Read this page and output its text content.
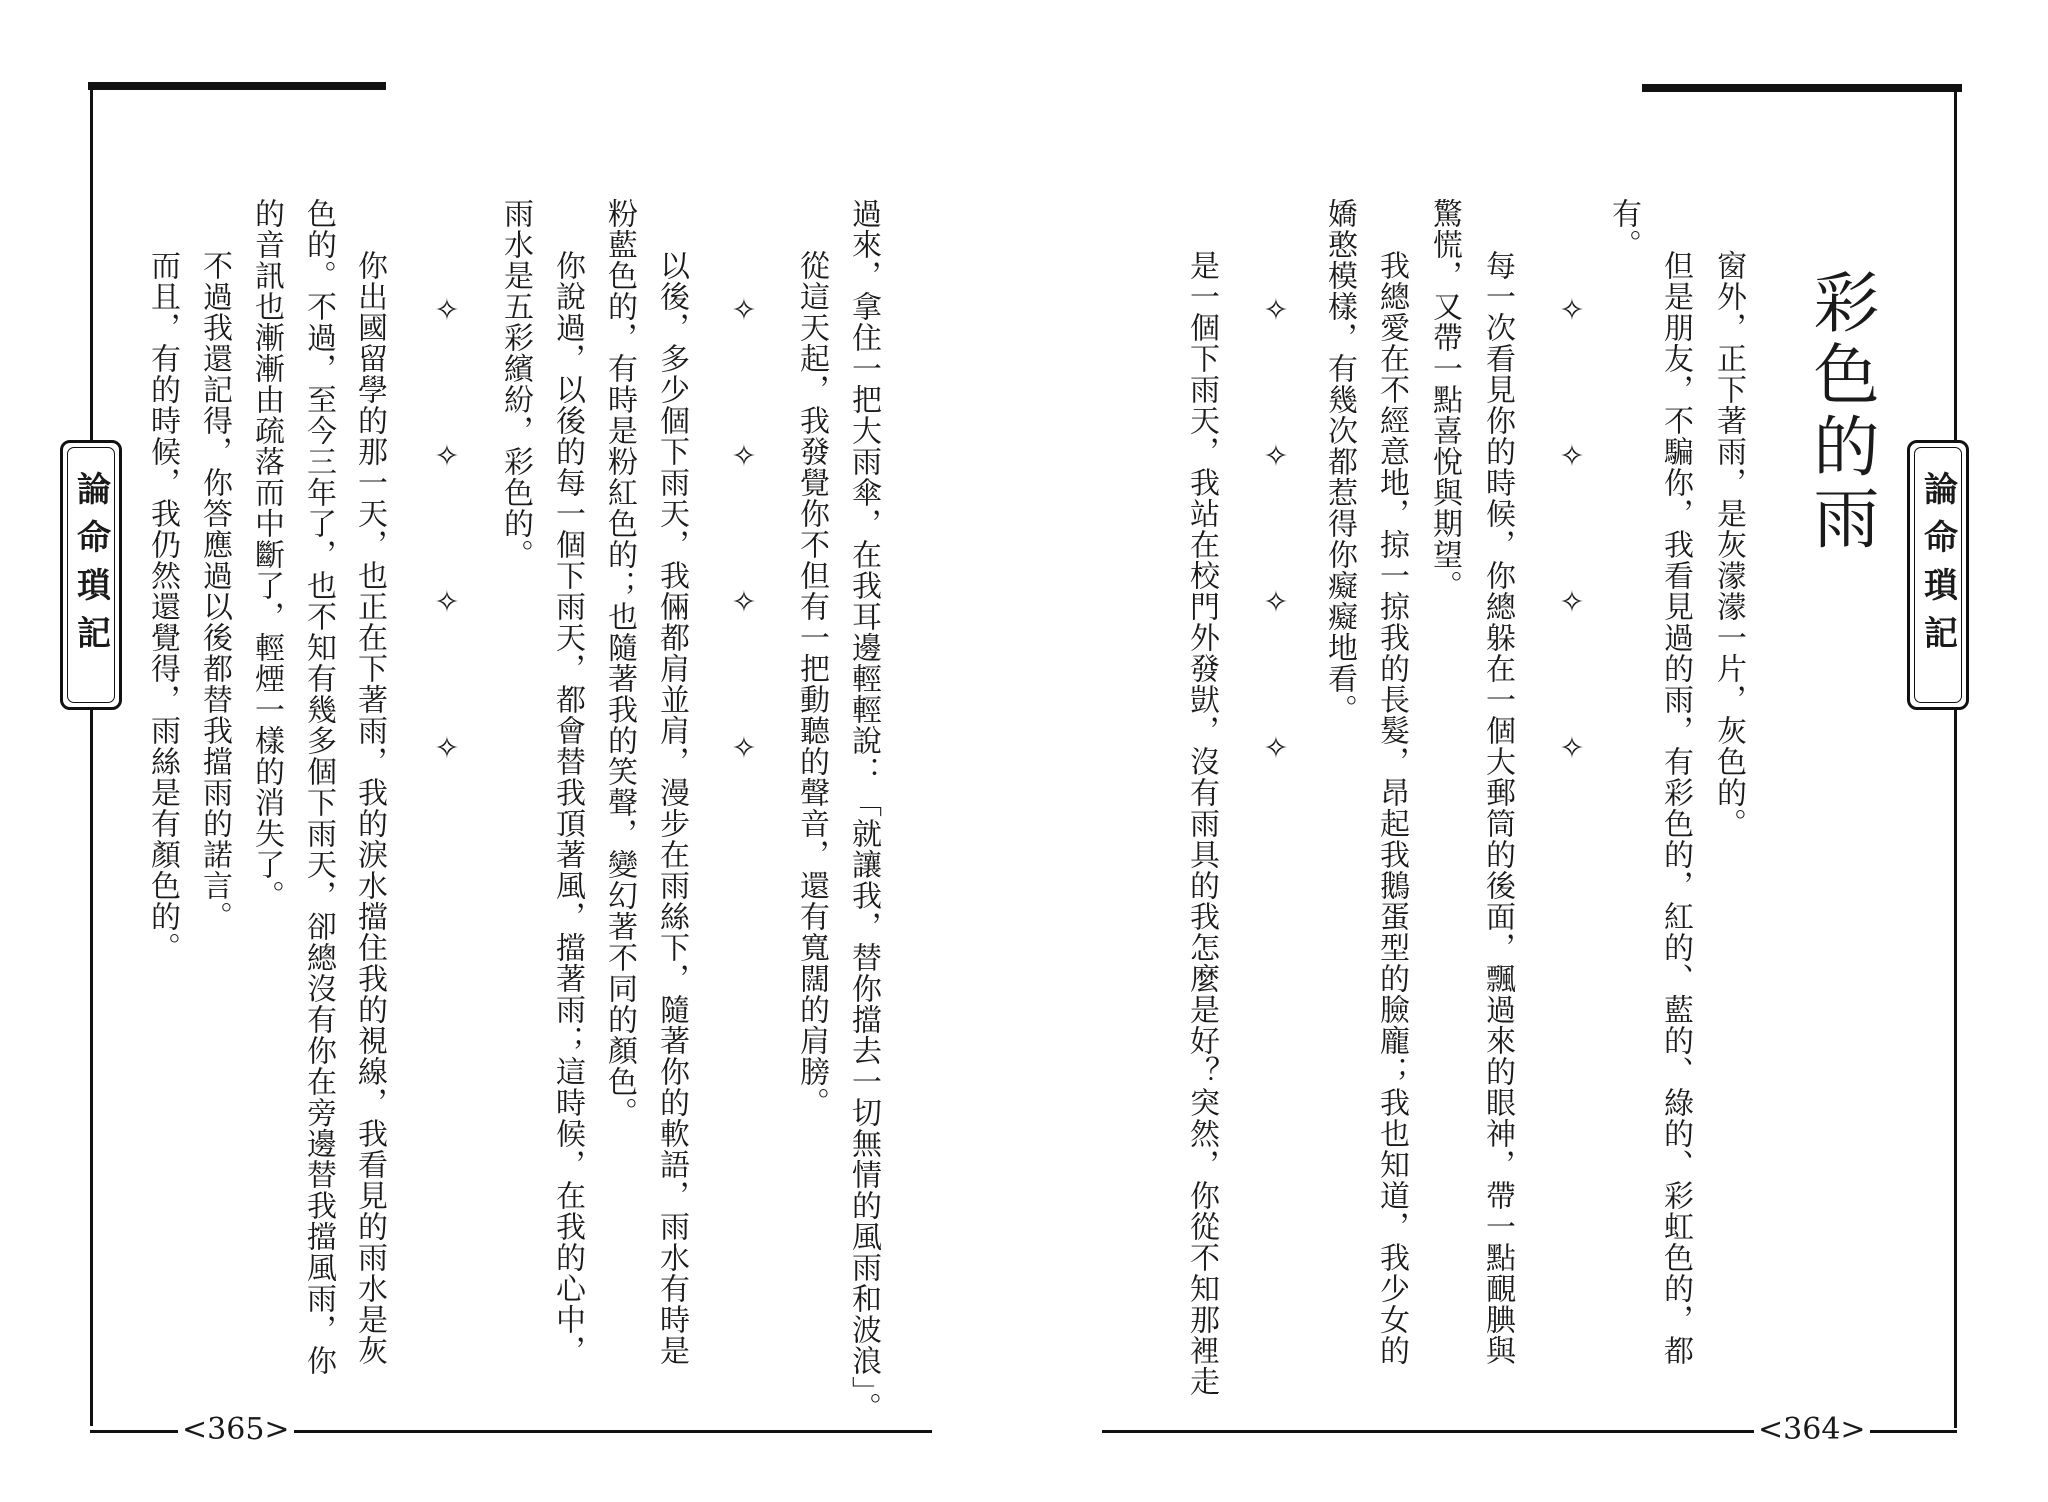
<365>
論命瑣記	過來，拿住一把大雨傘，在我耳邊輕輕說：「就讓我，替你擋去一切無情的風雨和波浪」。
從這天起，我發覺你不但有一把動聽的聲音，還有寬闊的肩膀。
✧
✧
✧
✧
以後，多少個下雨天，我倆都肩並肩，漫步在雨絲下，隨著你的軟語，雨水有時是
粉藍色的，有時是粉紅色的；也隨著我的笑聲，變幻著不同的顏色。
你說過，以後的每一個下雨天，都會替我頂著風，擋著雨；這時候，在我的心中，
雨水是五彩繽紛，彩色的。
✧
✧
✧
✧
你出國留學的那一天，也正在下著雨，我的淚水擋住我的視線，我看見的雨水是灰
色的。不過，至今三年了，也不知有幾多個下雨天，卻總沒有你在旁邊替我擋風雨，你
的音訊也漸漸由疏落而中斷了，輕煙一樣的消失了。
不過我還記得，你答應過以後都替我擋雨的諾言。
而且，有的時候，我仍然還覺得，雨絲是有顏色的。
<364>
論命瑣記
彩色的雨
窗外，正下著雨，是灰濛濛一片，灰色的。
但是朋友，不騙你，我看見過的雨，有彩色的，紅的、藍的、綠的、彩虹色的，都
有。
✧
✧
✧
✧
每一次看見你的時候，你總躲在一個大郵筒的後面，飄過來的眼神，帶一點靦腆與
驚慌，又帶一點喜悅與期望。
我總愛在不經意地，掠一掠我的長髮，昂起我鵝蛋型的臉龐；我也知道，我少女的
嬌憨模樣，有幾次都惹得你癡癡地看。
✧
✧
✧
✧
是一個下雨天，我站在校門外發獃，沒有雨具的我怎麼是好？突然，你從不知那裡走
